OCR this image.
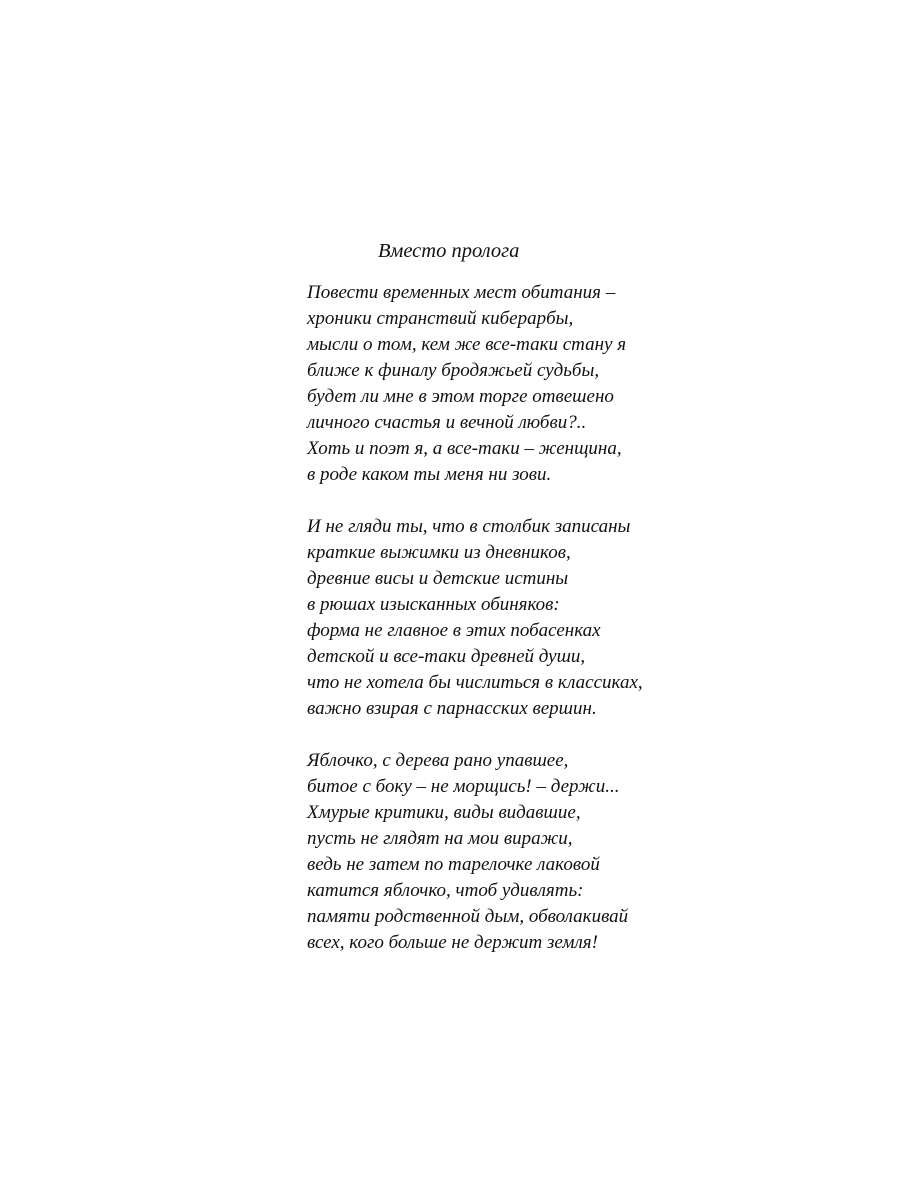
Вместо пролога
Повести временных мест обитания –
хроники странствий киберарбы,
мысли о том, кем же все-таки стану я
ближе к финалу бродяжьей судьбы,
будет ли мне в этом торге отвешено
личного счастья и вечной любви?..
Хоть и поэт я, а все-таки – женщина,
в роде каком ты меня ни зови.
И не гляди ты, что в столбик записаны
краткие выжимки из дневников,
древние висы и детские истины
в рюшах изысканных обиняков:
форма не главное в этих побасенках
детской и все-таки древней души,
что не хотела бы числиться в классиках,
важно взирая с парнасских вершин.
Яблочко, с дерева рано упавшее,
битое с боку – не морщись! – держи...
Хмурые критики, виды видавшие,
пусть не глядят на мои виражи,
ведь не затем по тарелочке лаковой
катится яблочко, чтоб удивлять:
памяти родственной дым, обволакивай
всех, кого больше не держит земля!
